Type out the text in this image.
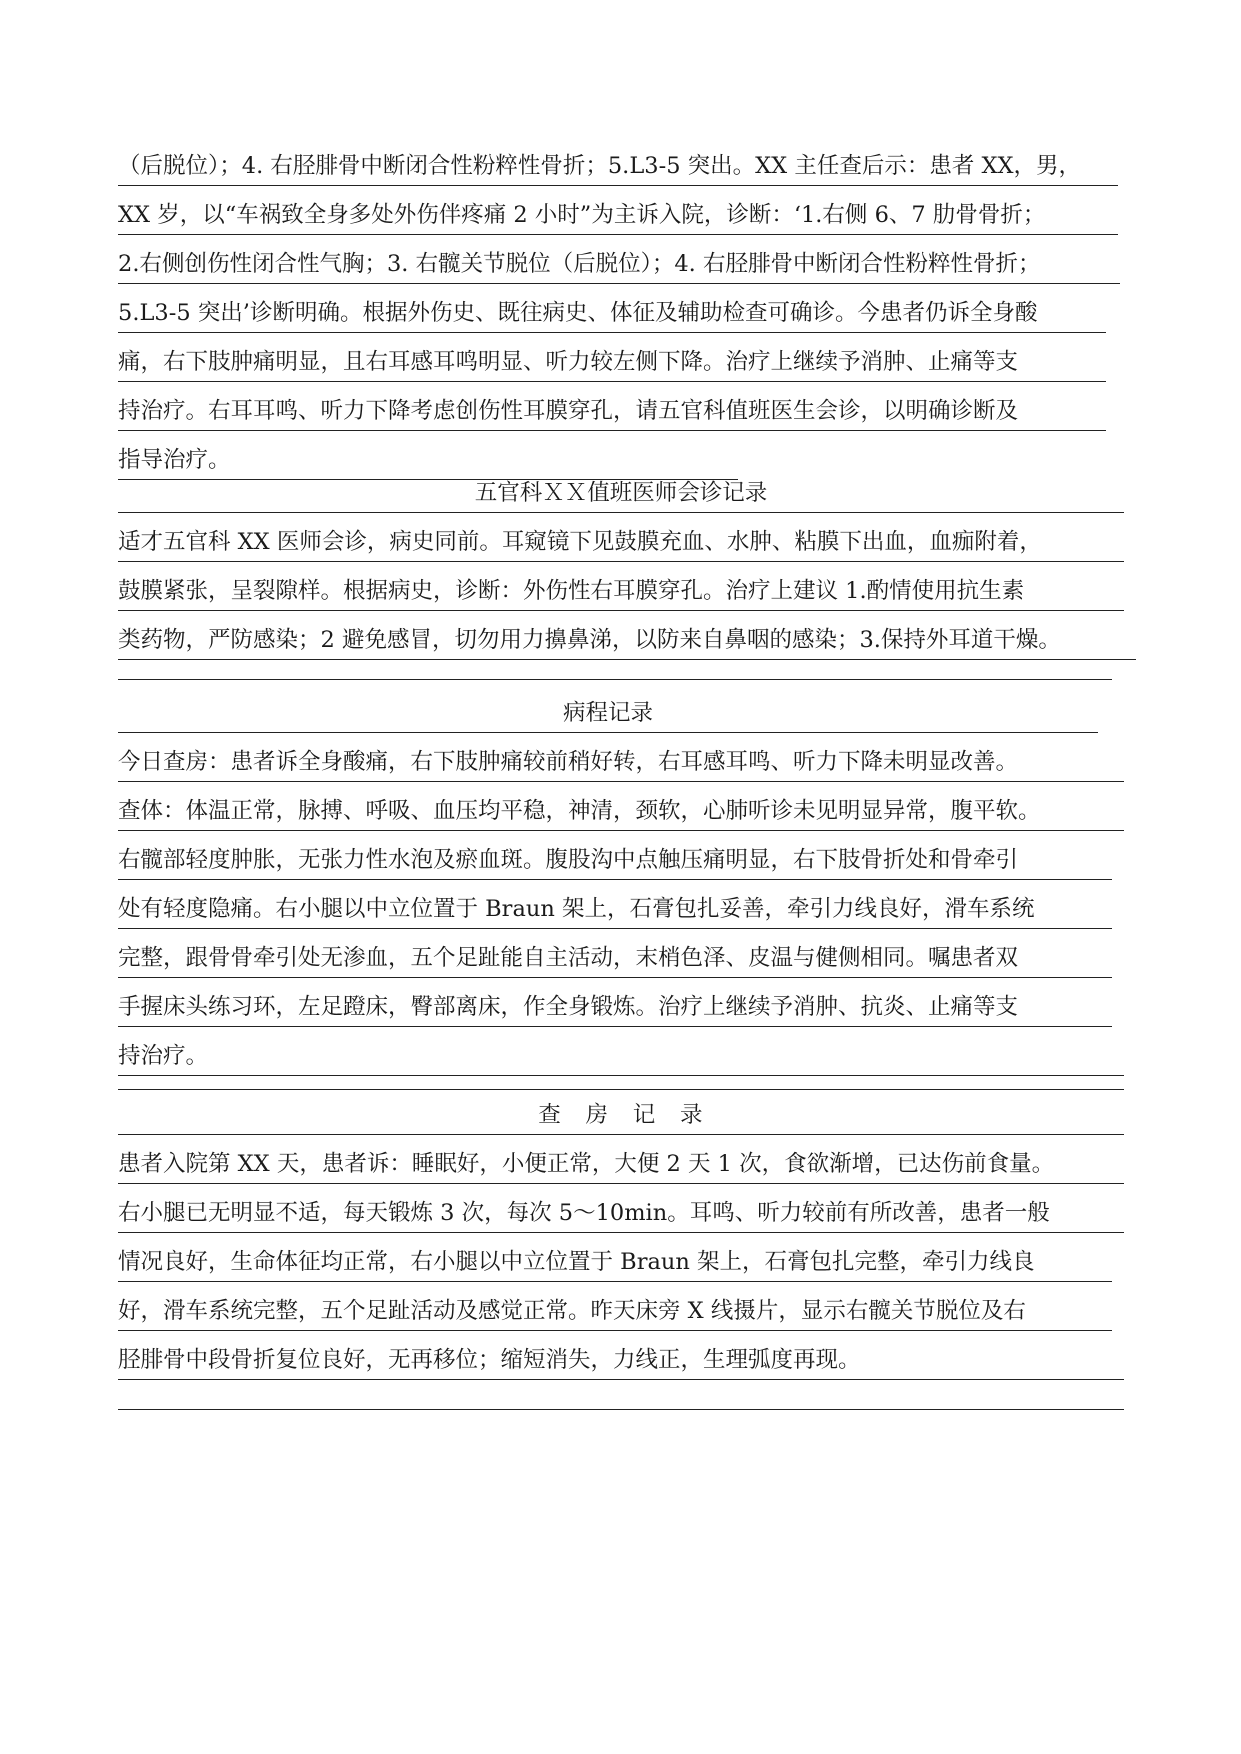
（后脱位）；4. 右胫腓骨中断闭合性粉粹性骨折；5.L3-5 突出。XX 主任查后示：患者 XX，男，
XX 岁，以“车祸致全身多处外伤伴疼痛 2 小时”为主诉入院，诊断：‘1.右侧 6、7 肋骨骨折；
2.右侧创伤性闭合性气胸；3. 右髋关节脱位（后脱位）；4. 右胫腓骨中断闭合性粉粹性骨折；
5.L3-5 突出’诊断明确。根据外伤史、既往病史、体征及辅助检查可确诊。今患者仍诉全身酸
痛，右下肢肿痛明显，且右耳感耳鸣明显、听力较左侧下降。治疗上继续予消肿、止痛等支
持治疗。右耳耳鸣、听力下降考虑创伤性耳膜穿孔，请五官科值班医生会诊，以明确诊断及
指导治疗。
五官科ＸＸ值班医师会诊记录
适才五官科 XX 医师会诊，病史同前。耳窥镜下见鼓膜充血、水肿、粘膜下出血，血痂附着，
鼓膜紧张，呈裂隙样。根据病史，诊断：外伤性右耳膜穿孔。治疗上建议 1.酌情使用抗生素
类药物，严防感染；2 避免感冒，切勿用力擤鼻涕，以防来自鼻咽的感染；3.保持外耳道干燥。
病程记录
今日查房：患者诉全身酸痛，右下肢肿痛较前稍好转，右耳感耳鸣、听力下降未明显改善。
查体：体温正常，脉搏、呼吸、血压均平稳，神清，颈软，心肺听诊未见明显异常，腹平软。
右髋部轻度肿胀，无张力性水泡及瘀血斑。腹股沟中点触压痛明显，右下肢骨折处和骨牵引
处有轻度隐痛。右小腿以中立位置于 Braun 架上，石膏包扎妥善，牵引力线良好，滑车系统
完整，跟骨骨牵引处无渗血，五个足趾能自主活动，末梢色泽、皮温与健侧相同。嘱患者双
手握床头练习环，左足蹬床，臀部离床，作全身锻炼。治疗上继续予消肿、抗炎、止痛等支
持治疗。
查　房　记　录
患者入院第 XX 天，患者诉：睡眠好，小便正常，大便 2 天 1 次，食欲渐增，已达伤前食量。
右小腿已无明显不适，每天锻炼 3 次，每次 5～10min。耳鸣、听力较前有所改善，患者一般
情况良好，生命体征均正常，右小腿以中立位置于 Braun 架上，石膏包扎完整，牵引力线良
好，滑车系统完整，五个足趾活动及感觉正常。昨天床旁 X 线摄片，显示右髋关节脱位及右
胫腓骨中段骨折复位良好，无再移位；缩短消失，力线正，生理弧度再现。
